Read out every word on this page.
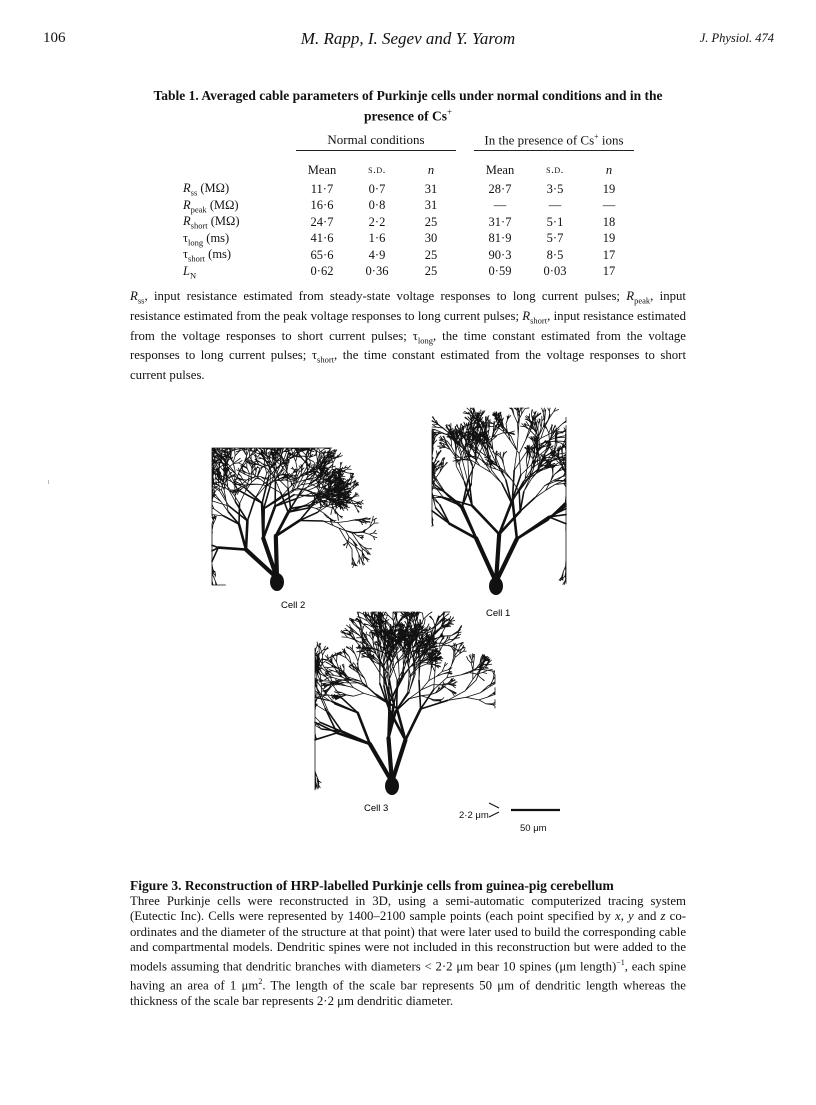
106	M. Rapp, I. Segev and Y. Yarom	J. Physiol. 474
Table 1. Averaged cable parameters of Purkinje cells under normal conditions and in the presence of Cs+
	Normal conditions				In the presence of Cs+ ions		

	Mean	s.d.	n		Mean	s.d.	n
$R_{ss}$ (MΩ)	11·7	0·7	31		28·7	3·5	19
$R_{peak}$ (MΩ)	16·6	0·8	31		—	—	—
$R_{short}$ (MΩ)	24·7	2·2	25		31·7	5·1	18
$\tau_{long}$ (ms)	41·6	1·6	30		81·9	5·7	19
$\tau_{short}$ (ms)	65·6	4·9	25		90·3	8·5	17
$L_N$	0·62	0·36	25		0·59	0·03	17
$R_{ss}$, input resistance estimated from steady-state voltage responses to long current pulses; $R_{peak}$, input resistance estimated from the peak voltage responses to long current pulses; $R_{short}$, input resistance estimated from the voltage responses to short current pulses; $\tau_{long}$, the time constant estimated from the voltage responses to long current pulses; $\tau_{short}$, the time constant estimated from the voltage responses to short current pulses.
Cell 2
Cell 1
Cell 3
2·2 μm
50 μm
Figure 3. Reconstruction of HRP-labelled Purkinje cells from guinea-pig cerebellum
Three Purkinje cells were reconstructed in 3D, using a semi-automatic computerized tracing system (Eutectic Inc). Cells were represented by 1400–2100 sample points (each point specified by x, y and z co-ordinates and the diameter of the structure at that point) that were later used to build the corresponding cable and compartmental models. Dendritic spines were not included in this reconstruction but were added to the models assuming that dendritic branches with diameters < 2·2 μm bear 10 spines (μm length)$^{-1}$, each spine having an area of 1 $\mu m^2$. The length of the scale bar represents 50 μm of dendritic length whereas the thickness of the scale bar represents 2·2 μm dendritic diameter.
